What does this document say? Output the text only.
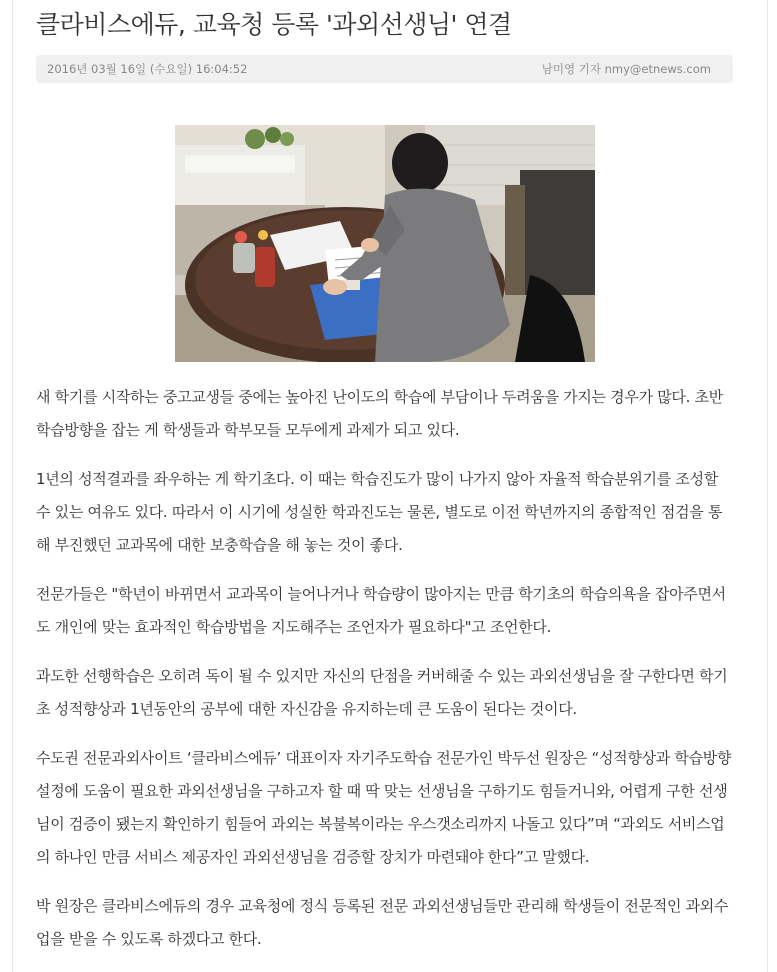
클라비스에듀, 교육청 등록 '과외선생님' 연결
2016년 03월 16일 (수요일) 16:04:52	남미영 기자 nmy@etnews.com

새 학기를 시작하는 중고교생들 중에는 높아진 난이도의 학습에 부담이나 두려움을 가지는 경우가 많다. 초반 학습방향을 잡는 게 학생들과 학부모들 모두에게 과제가 되고 있다.

1년의 성적결과를 좌우하는 게 학기초다. 이 때는 학습진도가 많이 나가지 않아 자율적 학습분위기를 조성할 수 있는 여유도 있다. 따라서 이 시기에 성실한 학과진도는 물론, 별도로 이전 학년까지의 종합적인 점검을 통해 부진했던 교과목에 대한 보충학습을 해 놓는 것이 좋다.

전문가들은 "학년이 바뀌면서 교과목이 늘어나거나 학습량이 많아지는 만큼 학기초의 학습의욕을 잡아주면서도 개인에 맞는 효과적인 학습방법을 지도해주는 조언자가 필요하다"고 조언한다.

과도한 선행학습은 오히려 독이 될 수 있지만 자신의 단점을 커버해줄 수 있는 과외선생님을 잘 구한다면 학기초 성적향상과 1년동안의 공부에 대한 자신감을 유지하는데 큰 도움이 된다는 것이다.

수도권 전문과외사이트 ‘클라비스에듀’ 대표이자 자기주도학습 전문가인 박두선 원장은 “성적향상과 학습방향 설정에 도움이 필요한 과외선생님을 구하고자 할 때 딱 맞는 선생님을 구하기도 힘들거니와, 어렵게 구한 선생님이 검증이 됐는지 확인하기 힘들어 과외는 복불복이라는 우스갯소리까지 나돌고 있다”며 “과외도 서비스업의 하나인 만큼 서비스 제공자인 과외선생님을 검증할 장치가 마련돼야 한다”고 말했다.

박 원장은 클라비스에듀의 경우 교육청에 정식 등록된 전문 과외선생님들만 관리해 학생들이 전문적인 과외수업을 받을 수 있도록 하겠다고 한다.
